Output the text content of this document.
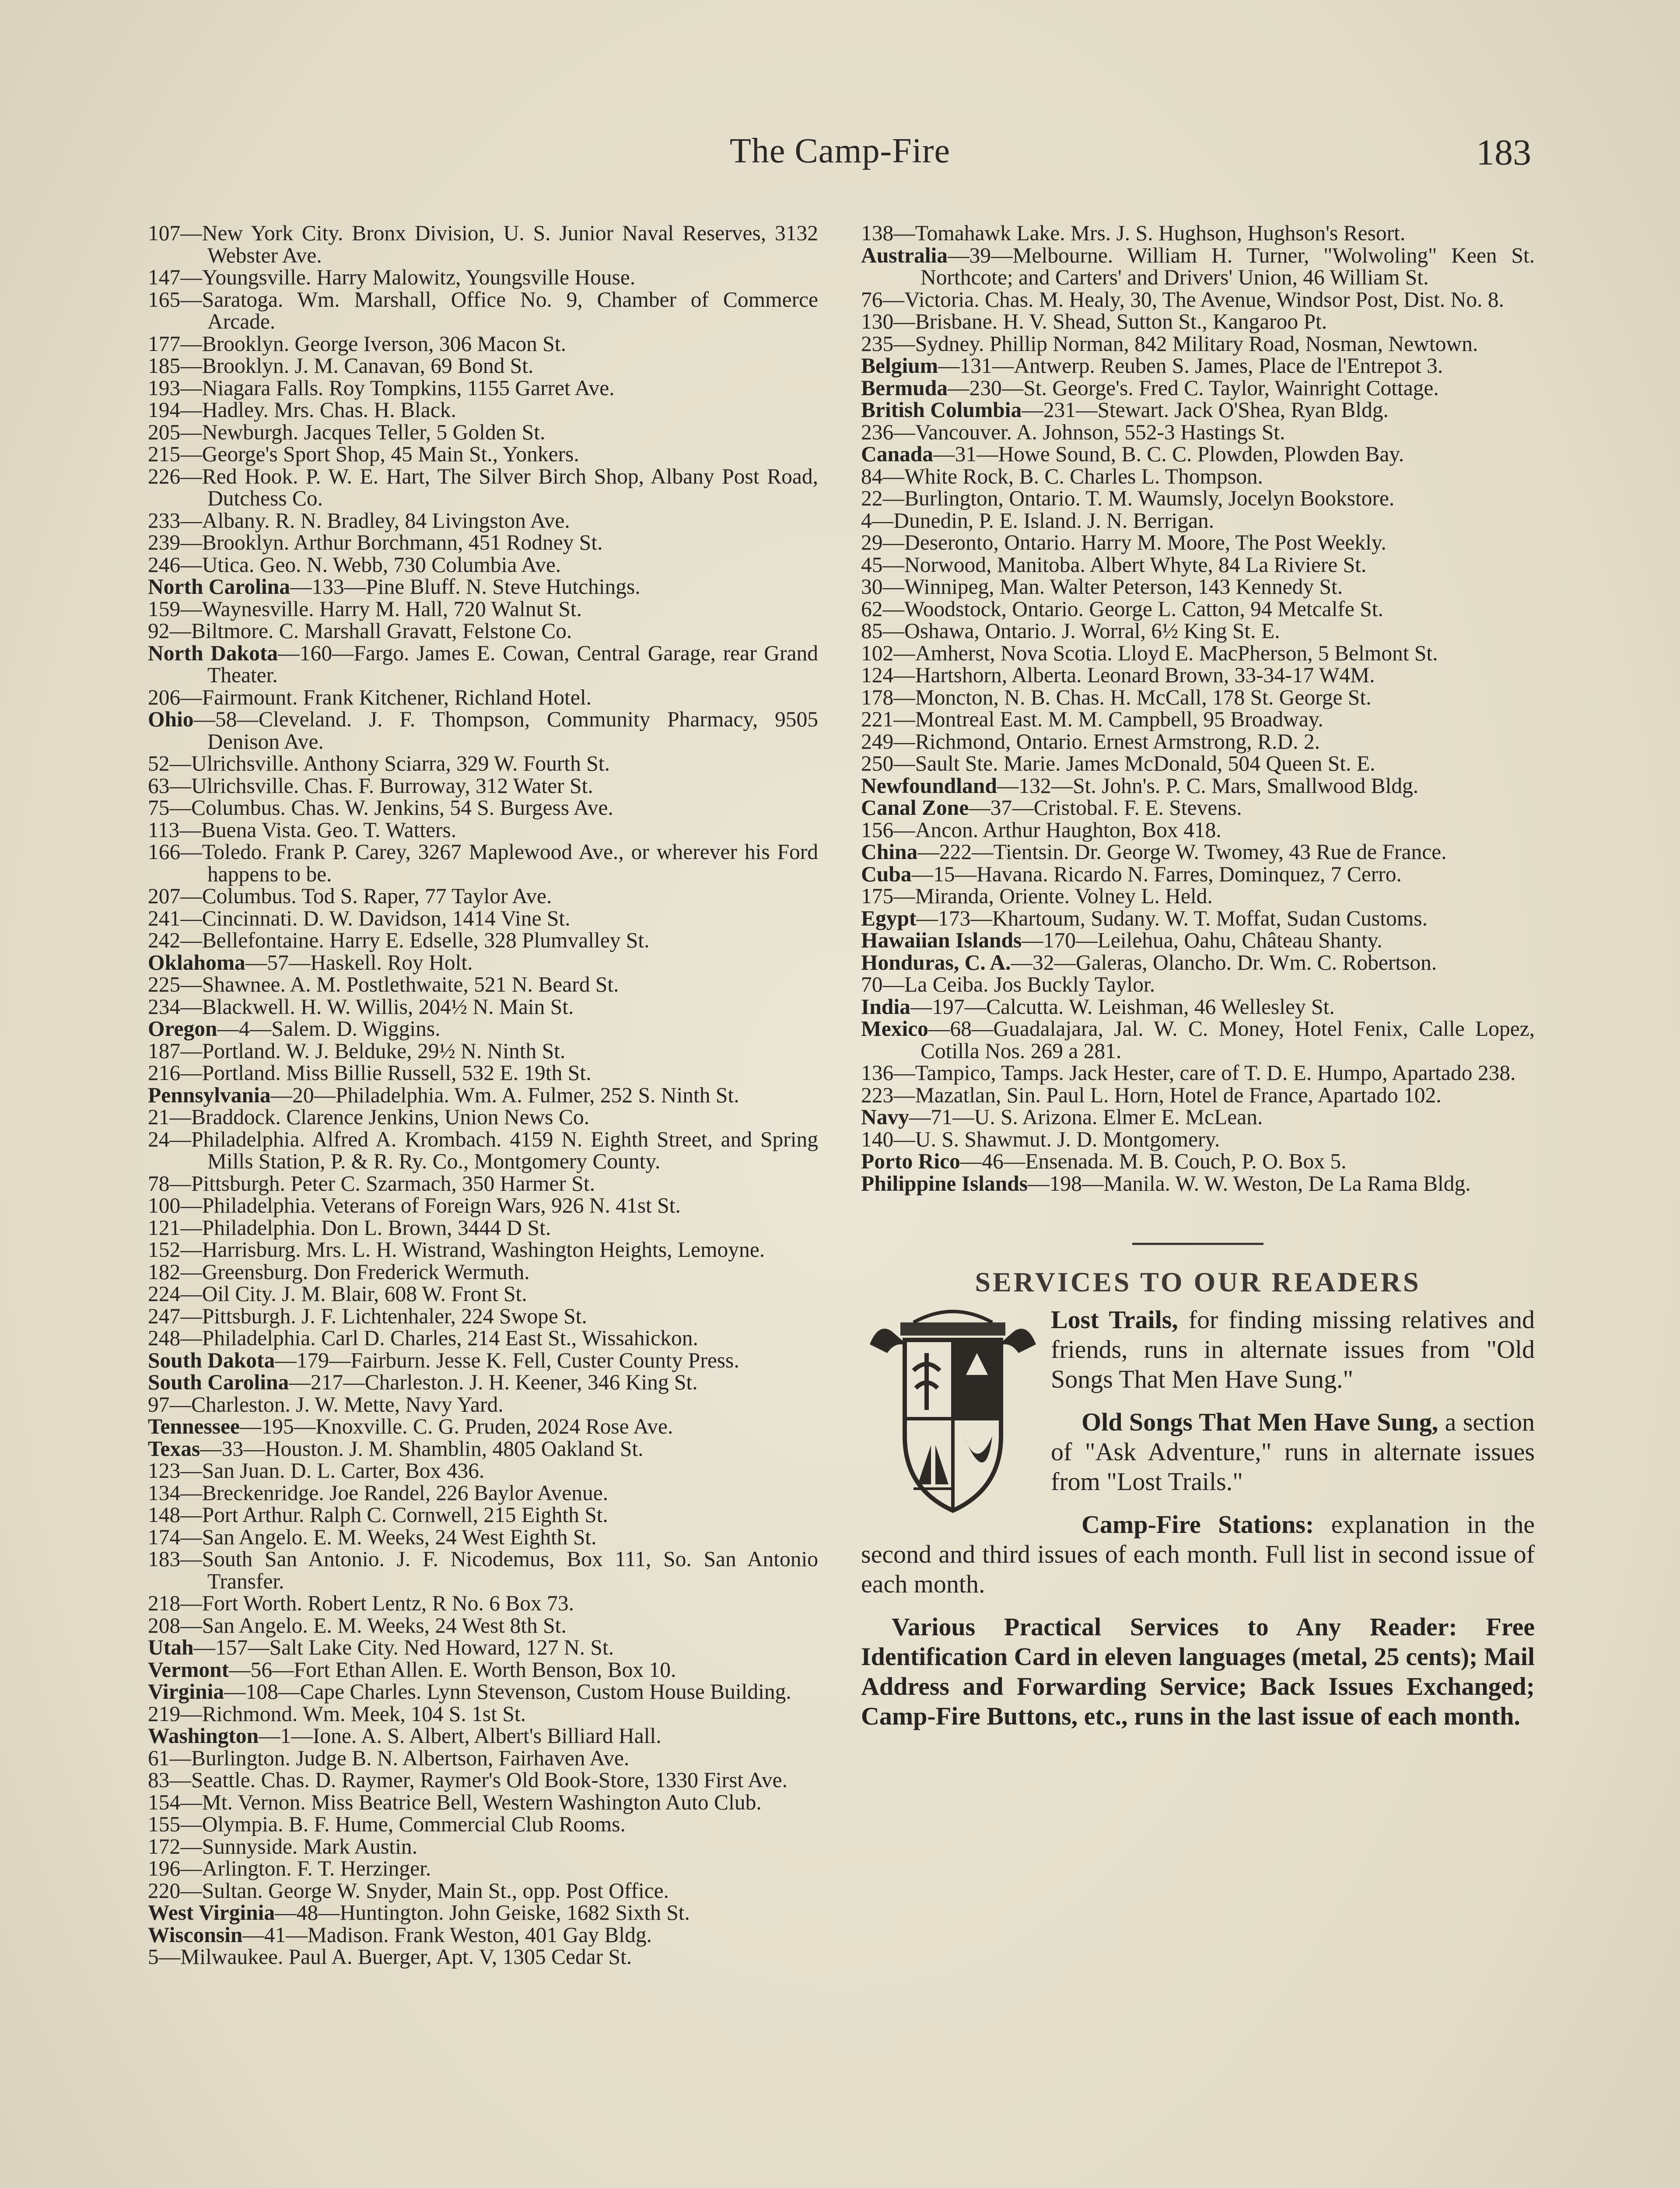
The Camp-Fire	183
107—New York City. Bronx Division, U. S. Junior Naval Reserves, 3132 Webster Ave.
147—Youngsville. Harry Malowitz, Youngsville House.
165—Saratoga. Wm. Marshall, Office No. 9, Chamber of Commerce Arcade.
177—Brooklyn. George Iverson, 306 Macon St.
185—Brooklyn. J. M. Canavan, 69 Bond St.
193—Niagara Falls. Roy Tompkins, 1155 Garret Ave.
194—Hadley. Mrs. Chas. H. Black.
205—Newburgh. Jacques Teller, 5 Golden St.
215—George's Sport Shop, 45 Main St., Yonkers.
226—Red Hook. P. W. E. Hart, The Silver Birch Shop, Albany Post Road, Dutchess Co.
233—Albany. R. N. Bradley, 84 Livingston Ave.
239—Brooklyn. Arthur Borchmann, 451 Rodney St.
246—Utica. Geo. N. Webb, 730 Columbia Ave.
North Carolina—133—Pine Bluff. N. Steve Hutchings.
159—Waynesville. Harry M. Hall, 720 Walnut St.
92—Biltmore. C. Marshall Gravatt, Felstone Co.
North Dakota—160—Fargo. James E. Cowan, Central Garage, rear Grand Theater.
206—Fairmount. Frank Kitchener, Richland Hotel.
Ohio—58—Cleveland. J. F. Thompson, Community Pharmacy, 9505 Denison Ave.
52—Ulrichsville. Anthony Sciarra, 329 W. Fourth St.
63—Ulrichsville. Chas. F. Burroway, 312 Water St.
75—Columbus. Chas. W. Jenkins, 54 S. Burgess Ave.
113—Buena Vista. Geo. T. Watters.
166—Toledo. Frank P. Carey, 3267 Maplewood Ave., or wherever his Ford happens to be.
207—Columbus. Tod S. Raper, 77 Taylor Ave.
241—Cincinnati. D. W. Davidson, 1414 Vine St.
242—Bellefontaine. Harry E. Edselle, 328 Plumvalley St.
Oklahoma—57—Haskell. Roy Holt.
225—Shawnee. A. M. Postlethwaite, 521 N. Beard St.
234—Blackwell. H. W. Willis, 204½ N. Main St.
Oregon—4—Salem. D. Wiggins.
187—Portland. W. J. Belduke, 29½ N. Ninth St.
216—Portland. Miss Billie Russell, 532 E. 19th St.
Pennsylvania—20—Philadelphia. Wm. A. Fulmer, 252 S. Ninth St.
21—Braddock. Clarence Jenkins, Union News Co.
24—Philadelphia. Alfred A. Krombach. 4159 N. Eighth Street, and Spring Mills Station, P. & R. Ry. Co., Montgomery County.
78—Pittsburgh. Peter C. Szarmach, 350 Harmer St.
100—Philadelphia. Veterans of Foreign Wars, 926 N. 41st St.
121—Philadelphia. Don L. Brown, 3444 D St.
152—Harrisburg. Mrs. L. H. Wistrand, Washington Heights, Lemoyne.
182—Greensburg. Don Frederick Wermuth.
224—Oil City. J. M. Blair, 608 W. Front St.
247—Pittsburgh. J. F. Lichtenhaler, 224 Swope St.
248—Philadelphia. Carl D. Charles, 214 East St., Wissahickon.
South Dakota—179—Fairburn. Jesse K. Fell, Custer County Press.
South Carolina—217—Charleston. J. H. Keener, 346 King St.
97—Charleston. J. W. Mette, Navy Yard.
Tennessee—195—Knoxville. C. G. Pruden, 2024 Rose Ave.
Texas—33—Houston. J. M. Shamblin, 4805 Oakland St.
123—San Juan. D. L. Carter, Box 436.
134—Breckenridge. Joe Randel, 226 Baylor Avenue.
148—Port Arthur. Ralph C. Cornwell, 215 Eighth St.
174—San Angelo. E. M. Weeks, 24 West Eighth St.
183—South San Antonio. J. F. Nicodemus, Box 111, So. San Antonio Transfer.
218—Fort Worth. Robert Lentz, R No. 6 Box 73.
208—San Angelo. E. M. Weeks, 24 West 8th St.
Utah—157—Salt Lake City. Ned Howard, 127 N. St.
Vermont—56—Fort Ethan Allen. E. Worth Benson, Box 10.
Virginia—108—Cape Charles. Lynn Stevenson, Custom House Building.
219—Richmond. Wm. Meek, 104 S. 1st St.
Washington—1—Ione. A. S. Albert, Albert's Billiard Hall.
61—Burlington. Judge B. N. Albertson, Fairhaven Ave.
83—Seattle. Chas. D. Raymer, Raymer's Old Book-Store, 1330 First Ave.
154—Mt. Vernon. Miss Beatrice Bell, Western Washington Auto Club.
155—Olympia. B. F. Hume, Commercial Club Rooms.
172—Sunnyside. Mark Austin.
196—Arlington. F. T. Herzinger.
220—Sultan. George W. Snyder, Main St., opp. Post Office.
West Virginia—48—Huntington. John Geiske, 1682 Sixth St.
Wisconsin—41—Madison. Frank Weston, 401 Gay Bldg.
5—Milwaukee. Paul A. Buerger, Apt. V, 1305 Cedar St.
138—Tomahawk Lake. Mrs. J. S. Hughson, Hughson's Resort.
Australia—39—Melbourne. William H. Turner, "Wolwoling" Keen St. Northcote; and Carters' and Drivers' Union, 46 William St.
76—Victoria. Chas. M. Healy, 30, The Avenue, Windsor Post, Dist. No. 8.
130—Brisbane. H. V. Shead, Sutton St., Kangaroo Pt.
235—Sydney. Phillip Norman, 842 Military Road, Nosman, Newtown.
Belgium—131—Antwerp. Reuben S. James, Place de l'Entrepot 3.
Bermuda—230—St. George's. Fred C. Taylor, Wainright Cottage.
British Columbia—231—Stewart. Jack O'Shea, Ryan Bldg.
236—Vancouver. A. Johnson, 552-3 Hastings St.
Canada—31—Howe Sound, B. C. C. Plowden, Plowden Bay.
84—White Rock, B. C. Charles L. Thompson.
22—Burlington, Ontario. T. M. Waumsly, Jocelyn Bookstore.
4—Dunedin, P. E. Island. J. N. Berrigan.
29—Deseronto, Ontario. Harry M. Moore, The Post Weekly.
45—Norwood, Manitoba. Albert Whyte, 84 La Riviere St.
30—Winnipeg, Man. Walter Peterson, 143 Kennedy St.
62—Woodstock, Ontario. George L. Catton, 94 Metcalfe St.
85—Oshawa, Ontario. J. Worral, 6½ King St. E.
102—Amherst, Nova Scotia. Lloyd E. MacPherson, 5 Belmont St.
124—Hartshorn, Alberta. Leonard Brown, 33-34-17 W4M.
178—Moncton, N. B. Chas. H. McCall, 178 St. George St.
221—Montreal East. M. M. Campbell, 95 Broadway.
249—Richmond, Ontario. Ernest Armstrong, R.D. 2.
250—Sault Ste. Marie. James McDonald, 504 Queen St. E.
Newfoundland—132—St. John's. P. C. Mars, Smallwood Bldg.
Canal Zone—37—Cristobal. F. E. Stevens.
156—Ancon. Arthur Haughton, Box 418.
China—222—Tientsin. Dr. George W. Twomey, 43 Rue de France.
Cuba—15—Havana. Ricardo N. Farres, Dominquez, 7 Cerro.
175—Miranda, Oriente. Volney L. Held.
Egypt—173—Khartoum, Sudany. W. T. Moffat, Sudan Customs.
Hawaiian Islands—170—Leilehua, Oahu, Château Shanty.
Honduras, C. A.—32—Galeras, Olancho. Dr. Wm. C. Robertson.
70—La Ceiba. Jos Buckly Taylor.
India—197—Calcutta. W. Leishman, 46 Wellesley St.
Mexico—68—Guadalajara, Jal. W. C. Money, Hotel Fenix, Calle Lopez, Cotilla Nos. 269 a 281.
136—Tampico, Tamps. Jack Hester, care of T. D. E. Humpo, Apartado 238.
223—Mazatlan, Sin. Paul L. Horn, Hotel de France, Apartado 102.
Navy—71—U. S. Arizona. Elmer E. McLean.
140—U. S. Shawmut. J. D. Montgomery.
Porto Rico—46—Ensenada. M. B. Couch, P. O. Box 5.
Philippine Islands—198—Manila. W. W. Weston, De La Rama Bldg.
SERVICES TO OUR READERS

Lost Trails, for finding missing relatives and friends, runs in alternate issues from "Old Songs That Men Have Sung."

Old Songs That Men Have Sung, a section of "Ask Adventure," runs in alternate issues from "Lost Trails."

Camp-Fire Stations: explanation in the second and third issues of each month. Full list in second issue of each month.

Various Practical Services to Any Reader: Free Identification Card in eleven languages (metal, 25 cents); Mail Address and Forwarding Service; Back Issues Exchanged; Camp-Fire Buttons, etc., runs in the last issue of each month.
